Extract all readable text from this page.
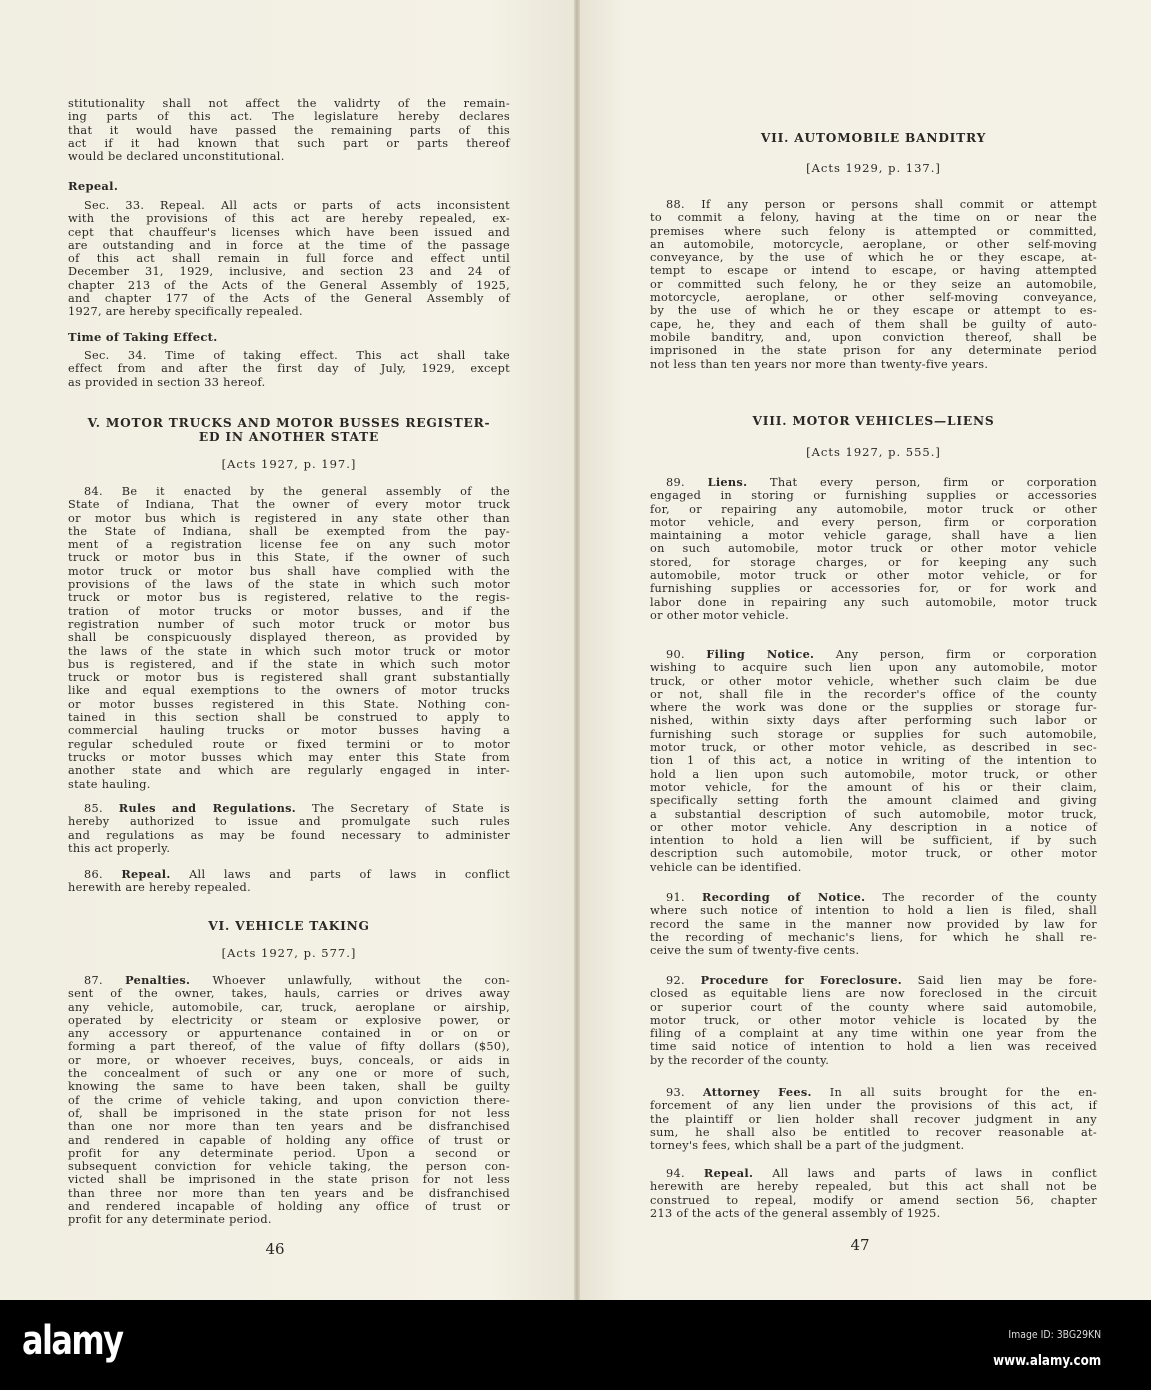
46
stitutionality shall not affect the validrty of the remain-
ing parts of this act. The legislature hereby declares
that it would have passed the remaining parts of this
act if it had known that such part or parts thereof
would be declared unconstitutional.
Repeal.
Sec. 33. Repeal. All acts or parts of acts inconsistent
with the provisions of this act are hereby repealed, ex-
cept that chauffeur's licenses which have been issued and
are outstanding and in force at the time of the passage
of this act shall remain in full force and effect until
December 31, 1929, inclusive, and section 23 and 24 of
chapter 213 of the Acts of the General Assembly of 1925,
and chapter 177 of the Acts of the General Assembly of
1927, are hereby specifically repealed.
Time of Taking Effect.
Sec. 34. Time of taking effect. This act shall take
effect from and after the first day of July, 1929, except
as provided in section 33 hereof.
V. MOTOR TRUCKS AND MOTOR BUSSES REGISTER-
ED IN ANOTHER STATE
[Acts 1927, p. 197.]
84. Be it enacted by the general assembly of the
State of Indiana, That the owner of every motor truck
or motor bus which is registered in any state other than
the State of Indiana, shall be exempted from the pay-
ment of a registration license fee on any such motor
truck or motor bus in this State, if the owner of such
motor truck or motor bus shall have complied with the
provisions of the laws of the state in which such motor
truck or motor bus is registered, relative to the regis-
tration of motor trucks or motor busses, and if the
registration number of such motor truck or motor bus
shall be conspicuously displayed thereon, as provided by
the laws of the state in which such motor truck or motor
bus is registered, and if the state in which such motor
truck or motor bus is registered shall grant substantially
like and equal exemptions to the owners of motor trucks
or motor busses registered in this State. Nothing con-
tained in this section shall be construed to apply to
commercial hauling trucks or motor busses having a
regular scheduled route or fixed termini or to motor
trucks or motor busses which may enter this State from
another state and which are regularly engaged in inter-
state hauling.
85. Rules and Regulations. The Secretary of State is
hereby authorized to issue and promulgate such rules
and regulations as may be found necessary to administer
this act properly.
86. Repeal. All laws and parts of laws in conflict
herewith are hereby repealed.
VI. VEHICLE TAKING
[Acts 1927, p. 577.]
87. Penalties. Whoever unlawfully, without the con-
sent of the owner, takes, hauls, carries or drives away
any vehicle, automobile, car, truck, aeroplane or airship,
operated by electricity or steam or explosive power, or
any accessory or appurtenance contained in or on or
forming a part thereof, of the value of fifty dollars ($50),
or more, or whoever receives, buys, conceals, or aids in
the concealment of such or any one or more of such,
knowing the same to have been taken, shall be guilty
of the crime of vehicle taking, and upon conviction there-
of, shall be imprisoned in the state prison for not less
than one nor more than ten years and be disfranchised
and rendered in capable of holding any office of trust or
profit for any determinate period. Upon a second or
subsequent conviction for vehicle taking, the person con-
victed shall be imprisoned in the state prison for not less
than three nor more than ten years and be disfranchised
and rendered incapable of holding any office of trust or
profit for any determinate period.
47
VII. AUTOMOBILE BANDITRY
[Acts 1929, p. 137.]
88. If any person or persons shall commit or attempt
to commit a felony, having at the time on or near the
premises where such felony is attempted or committed,
an automobile, motorcycle, aeroplane, or other self-moving
conveyance, by the use of which he or they escape, at-
tempt to escape or intend to escape, or having attempted
or committed such felony, he or they seize an automobile,
motorcycle, aeroplane, or other self-moving conveyance,
by the use of which he or they escape or attempt to es-
cape, he, they and each of them shall be guilty of auto-
mobile banditry, and, upon conviction thereof, shall be
imprisoned in the state prison for any determinate period
not less than ten years nor more than twenty-five years.
VIII. MOTOR VEHICLES—LIENS
[Acts 1927, p. 555.]
89. Liens. That every person, firm or corporation
engaged in storing or furnishing supplies or accessories
for, or repairing any automobile, motor truck or other
motor vehicle, and every person, firm or corporation
maintaining a motor vehicle garage, shall have a lien
on such automobile, motor truck or other motor vehicle
stored, for storage charges, or for keeping any such
automobile, motor truck or other motor vehicle, or for
furnishing supplies or accessories for, or for work and
labor done in repairing any such automobile, motor truck
or other motor vehicle.
90. Filing Notice. Any person, firm or corporation
wishing to acquire such lien upon any automobile, motor
truck, or other motor vehicle, whether such claim be due
or not, shall file in the recorder's office of the county
where the work was done or the supplies or storage fur-
nished, within sixty days after performing such labor or
furnishing such storage or supplies for such automobile,
motor truck, or other motor vehicle, as described in sec-
tion 1 of this act, a notice in writing of the intention to
hold a lien upon such automobile, motor truck, or other
motor vehicle, for the amount of his or their claim,
specifically setting forth the amount claimed and giving
a substantial description of such automobile, motor truck,
or other motor vehicle. Any description in a notice of
intention to hold a lien will be sufficient, if by such
description such automobile, motor truck, or other motor
vehicle can be identified.
91. Recording of Notice. The recorder of the county
where such notice of intention to hold a lien is filed, shall
record the same in the manner now provided by law for
the recording of mechanic's liens, for which he shall re-
ceive the sum of twenty-five cents.
92. Procedure for Foreclosure. Said lien may be fore-
closed as equitable liens are now foreclosed in the circuit
or superior court of the county where said automobile,
motor truck, or other motor vehicle is located by the
filing of a complaint at any time within one year from the
time said notice of intention to hold a lien was received
by the recorder of the county.
93. Attorney Fees. In all suits brought for the en-
forcement of any lien under the provisions of this act, if
the plaintiff or lien holder shall recover judgment in any
sum, he shall also be entitled to recover reasonable at-
torney's fees, which shall be a part of the judgment.
94. Repeal. All laws and parts of laws in conflict
herewith are hereby repealed, but this act shall not be
construed to repeal, modify or amend section 56, chapter
213 of the acts of the general assembly of 1925.
alamy	Image ID: 3BG29KN
www.alamy.com
